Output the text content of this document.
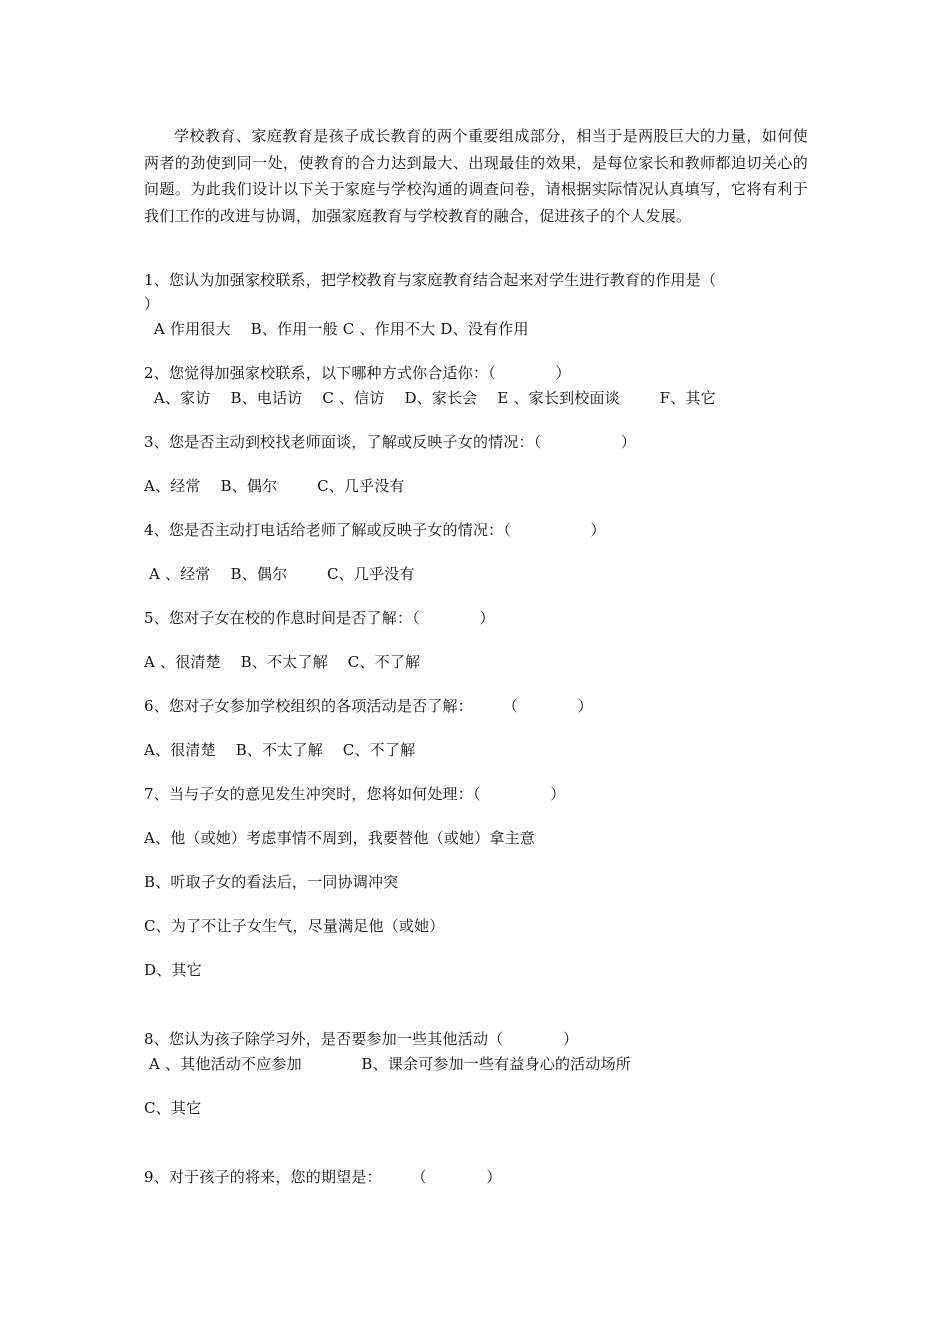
学校教育、家庭教育是孩子成长教育的两个重要组成部分，相当于是两股巨大的力量，如何使两者的劲使到同一处，使教育的合力达到最大、出现最佳的效果，是每位家长和教师都迫切关心的问题。为此我们设计以下关于家庭与学校沟通的调查问卷，请根据实际情况认真填写，它将有利于我们工作的改进与协调，加强家庭教育与学校教育的融合，促进孩子的个人发展。
1、您认为加强家校联系，把学校教育与家庭教育结合起来对学生进行教育的作用是（
）
A 作用很大    B、作用一般 C 、作用不大 D、没有作用
2、您觉得加强家校联系，以下哪种方式你合适你：（            ）
A、家访    B、电话访    C 、信访    D、家长会    E 、家长到校面谈        F、其它
3、您是否主动到校找老师面谈，了解或反映子女的情况：（                ）
A、经常    B、偶尔        C、几乎没有
4、您是否主动打电话给老师了解或反映子女的情况：（                ）
A 、经常    B、偶尔        C、几乎没有
5、您对子女在校的作息时间是否了解：（            ）
A 、很清楚    B、不太了解    C、不了解
6、您对子女参加学校组织的各项活动是否了解：      （            ）
A、很清楚    B、不太了解    C、不了解
7、当与子女的意见发生冲突时，您将如何处理：（              ）
A、他（或她）考虑事情不周到，我要替他（或她）拿主意
B、听取子女的看法后，一同协调冲突
C、为了不让子女生气，尽量满足他（或她）
D、其它
8、您认为孩子除学习外，是否要参加一些其他活动（            ）
A 、其他活动不应参加            B、课余可参加一些有益身心的活动场所
C、其它
9、对于孩子的将来，您的期望是：      （            ）
